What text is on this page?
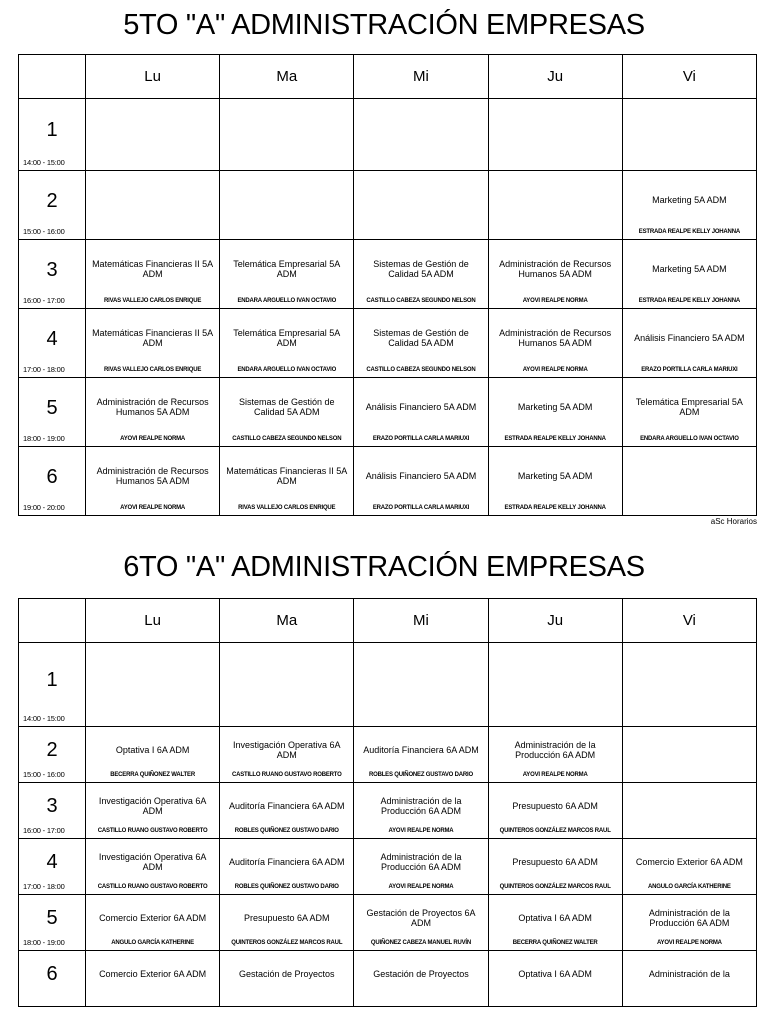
5TO "A" ADMINISTRACIÓN EMPRESAS
	Lu	Ma	Mi	Ju	Vi

1
14:00 - 15:00					

2
15:00 - 16:00					Marketing 5A ADM
ESTRADA REALPE KELLY JOHANNA

3
16:00 - 17:00	Matemáticas Financieras II 5A ADM
RIVAS VALLEJO CARLOS ENRIQUE	Telemática Empresarial 5A ADM
ENDARA ARGUELLO IVAN OCTAVIO	Sistemas de Gestión de Calidad 5A ADM
CASTILLO CABEZA SEGUNDO NELSON	Administración de Recursos Humanos 5A ADM
AYOVI REALPE NORMA	Marketing 5A ADM
ESTRADA REALPE KELLY JOHANNA

4
17:00 - 18:00	Matemáticas Financieras II 5A ADM
RIVAS VALLEJO CARLOS ENRIQUE	Telemática Empresarial 5A ADM
ENDARA ARGUELLO IVAN OCTAVIO	Sistemas de Gestión de Calidad 5A ADM
CASTILLO CABEZA SEGUNDO NELSON	Administración de Recursos Humanos 5A ADM
AYOVI REALPE NORMA	Análisis Financiero 5A ADM
ERAZO PORTILLA CARLA MARIUXI

5
18:00 - 19:00	Administración de Recursos Humanos 5A ADM
AYOVI REALPE NORMA	Sistemas de Gestión de Calidad 5A ADM
CASTILLO CABEZA SEGUNDO NELSON	Análisis Financiero 5A ADM
ERAZO PORTILLA CARLA MARIUXI	Marketing 5A ADM
ESTRADA REALPE KELLY JOHANNA	Telemática Empresarial 5A ADM
ENDARA ARGUELLO IVAN OCTAVIO

6
19:00 - 20:00	Administración de Recursos Humanos 5A ADM
AYOVI REALPE NORMA	Matemáticas Financieras II 5A ADM
RIVAS VALLEJO CARLOS ENRIQUE	Análisis Financiero 5A ADM
ERAZO PORTILLA CARLA MARIUXI	Marketing 5A ADM
ESTRADA REALPE KELLY JOHANNA	

aSc Horarios
6TO "A" ADMINISTRACIÓN EMPRESAS
	Lu	Ma	Mi	Ju	Vi

1
14:00 - 15:00					

2
15:00 - 16:00	Optativa I 6A ADM
BECERRA QUIÑONEZ WALTER	Investigación Operativa 6A ADM
CASTILLO RUANO GUSTAVO ROBERTO	Auditoría Financiera 6A ADM
ROBLES QUIÑONEZ GUSTAVO DARIO	Administración de la Producción 6A ADM
AYOVI REALPE NORMA	

3
16:00 - 17:00	Investigación Operativa 6A ADM
CASTILLO RUANO GUSTAVO ROBERTO	Auditoría Financiera 6A ADM
ROBLES QUIÑONEZ GUSTAVO DARIO	Administración de la Producción 6A ADM
AYOVI REALPE NORMA	Presupuesto 6A ADM
QUINTEROS GONZÁLEZ MARCOS RAUL	

4
17:00 - 18:00	Investigación Operativa 6A ADM
CASTILLO RUANO GUSTAVO ROBERTO	Auditoría Financiera 6A ADM
ROBLES QUIÑONEZ GUSTAVO DARIO	Administración de la Producción 6A ADM
AYOVI REALPE NORMA	Presupuesto 6A ADM
QUINTEROS GONZÁLEZ MARCOS RAUL	Comercio Exterior 6A ADM
ANGULO GARCÍA KATHERINE

5
18:00 - 19:00	Comercio Exterior 6A ADM
ANGULO GARCÍA KATHERINE	Presupuesto 6A ADM
QUINTEROS GONZÁLEZ MARCOS RAUL	Gestación de Proyectos 6A ADM
QUIÑONEZ CABEZA MANUEL RUVÍN	Optativa I 6A ADM
BECERRA QUIÑONEZ WALTER	Administración de la Producción 6A ADM
AYOVI REALPE NORMA

6	Comercio Exterior 6A ADM	Gestación de Proyectos	Gestación de Proyectos	Optativa I 6A ADM	Administración de la
